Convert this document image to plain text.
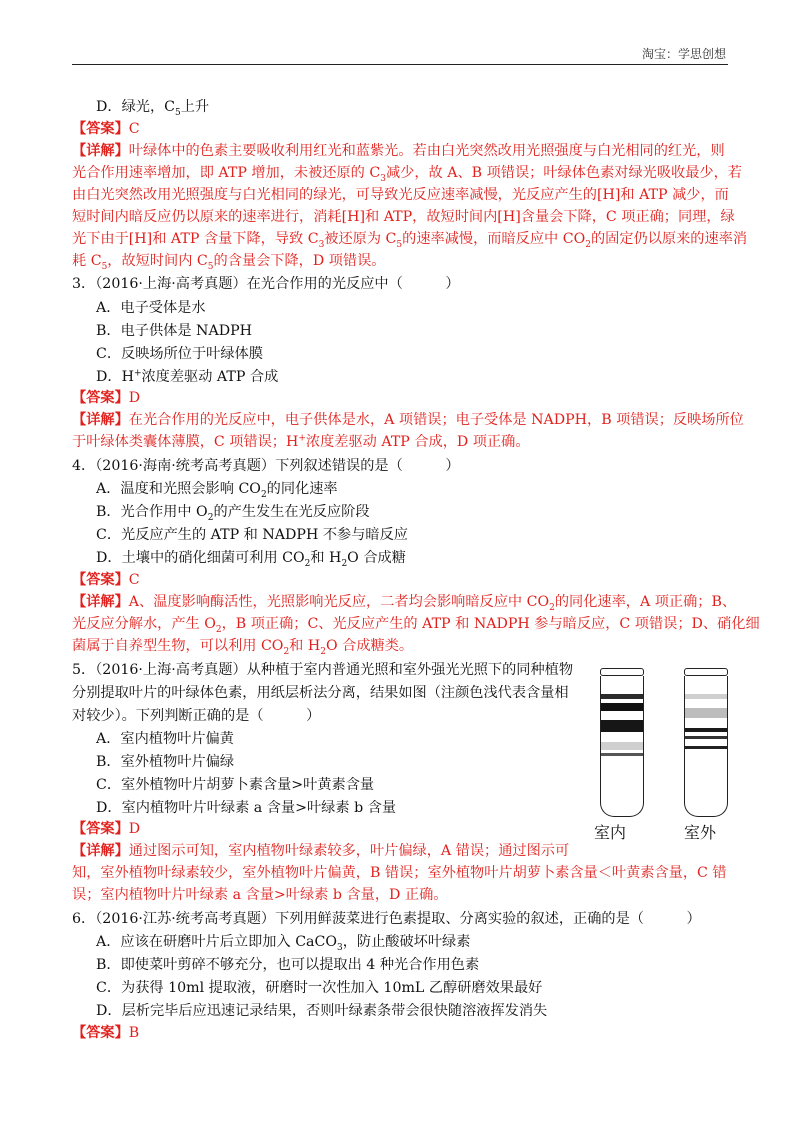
淘宝：学思创想
D．绿光，$C_5$上升
【答案】C
【详解】叶绿体中的色素主要吸收利用红光和蓝紫光。若由白光突然改用光照强度与白光相同的红光，则
光合作用速率增加，即 ATP 增加，未被还原的 $C_3$减少，故 A、B 项错误；叶绿体色素对绿光吸收最少，若
由白光突然改用光照强度与白光相同的绿光，可导致光反应速率减慢，光反应产生的[H]和 ATP 减少，而
短时间内暗反应仍以原来的速率进行，消耗[H]和 ATP，故短时间内[H]含量会下降，C 项正确；同理，绿
光下由于[H]和 ATP 含量下降，导致 $C_3$被还原为 $C_5$的速率减慢，而暗反应中 $CO_2$的固定仍以原来的速率消
耗 $C_5$，故短时间内 $C_5$的含量会下降，D 项错误。
3．（2016·上海·高考真题）在光合作用的光反应中（　　　）
A．电子受体是水
B．电子供体是 NADPH
C．反映场所位于叶绿体膜
D．H+浓度差驱动 ATP 合成
【答案】D
【详解】在光合作用的光反应中，电子供体是水，A 项错误；电子受体是 NADPH，B 项错误；反映场所位
于叶绿体类囊体薄膜，C 项错误；H+浓度差驱动 ATP 合成，D 项正确。
4．（2016·海南·统考高考真题）下列叙述错误的是（　　　）
A．温度和光照会影响 $CO_2$的同化速率
B．光合作用中 $O_2$的产生发生在光反应阶段
C．光反应产生的 ATP 和 NADPH 不参与暗反应
D．土壤中的硝化细菌可利用 $CO_2$和 $H_2O$ 合成糖
【答案】C
【详解】A、温度影响酶活性，光照影响光反应，二者均会影响暗反应中 $CO_2$的同化速率，A 项正确；B、
光反应分解水，产生 $O_2$，B 项正确；C、光反应产生的 ATP 和 NADPH 参与暗反应，C 项错误；D、硝化细
菌属于自养型生物，可以利用 $CO_2$和 $H_2O$ 合成糖类。
5．（2016·上海·高考真题）从种植于室内普通光照和室外强光光照下的同种植物
分别提取叶片的叶绿体色素，用纸层析法分离，结果如图（注颜色浅代表含量相
对较少）。下列判断正确的是（　　　）
A．室内植物叶片偏黄
B．室外植物叶片偏绿
C．室外植物叶片胡萝卜素含量>叶黄素含量
D．室内植物叶片叶绿素 a 含量>叶绿素 b 含量
【答案】D
【详解】通过图示可知，室内植物叶绿素较多，叶片偏绿，A 错误；通过图示可
知，室外植物叶绿素较少，室外植物叶片偏黄，B 错误；室外植物叶片胡萝卜素含量＜叶黄素含量，C 错
误；室内植物叶片叶绿素 a 含量>叶绿素 b 含量，D 正确。
室内	室外
6．（2016·江苏·统考高考真题）下列用鲜菠菜进行色素提取、分离实验的叙述，正确的是（　　　）
A．应该在研磨叶片后立即加入 CaCO$_3$，防止酸破坏叶绿素
B．即使菜叶剪碎不够充分，也可以提取出 4 种光合作用色素
C．为获得 10ml 提取液，研磨时一次性加入 10mL 乙醇研磨效果最好
D．层析完毕后应迅速记录结果，否则叶绿素条带会很快随溶液挥发消失
【答案】B
